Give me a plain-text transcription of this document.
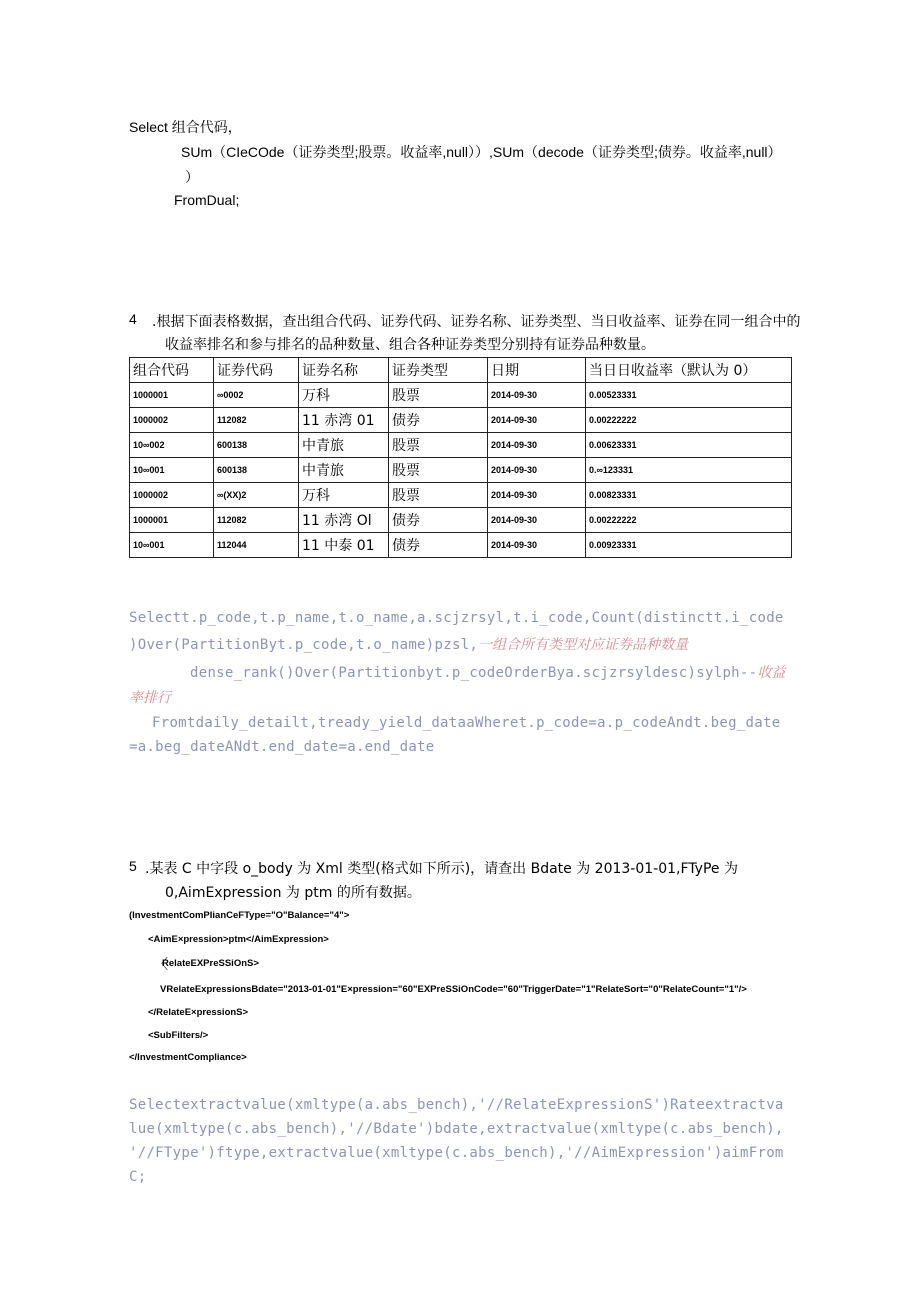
Select 组合代码，
SUm（CIeCOde（证券类型;股票。收益率,null））,SUm（decode（证券类型;债券。收益率,null）
）
FromDual;
4 .根据下面表格数据，查出组合代码、证券代码、证券名称、证券类型、当日收益率、证券在同一组合中的
收益率排名和参与排名的品种数量、组合各种证券类型分别持有证券品种数量。
组合代码	证券代码	证券名称	证券类型	日期	当日日收益率（默认为 0）
1000001	∞0002	万科	股票	2014-09-30	0.00523331
1000002	112082	11 赤湾 01	债券	2014-09-30	0.00222222
10∞002	600138	中青旅	股票	2014-09-30	0.00623331
10∞001	600138	中青旅	股票	2014-09-30	0.∞123331
1000002	∞(XX)2	万科	股票	2014-09-30	0.00823331
1000001	112082	11 赤湾 Ol	债券	2014-09-30	0.00222222
10∞001	112044	11 中泰 01	债券	2014-09-30	0.00923331
Selectt.p_code,t.p_name,t.o_name,a.scjzrsyl,t.i_code,Count(distinctt.i_code
)Over(PartitionByt.p_code,t.o_name)pzsl,一组合所有类型对应证券品种数量
dense_rank()Over(Partitionbyt.p_codeOrderBya.scjzrsyldesc)sylph--收益
率排行
Fromtdaily_detailt,tready_yield_dataaWheret.p_code=a.p_codeAndt.beg_date
=a.beg_dateANdt.end_date=a.end_date
5 .某表 C 中字段 o_body 为 Xml 类型(格式如下所示)，请查出 Bdate 为 2013-01-01,FTyPe 为
0,AimExpression 为 ptm 的所有数据。
(InvestmentComPIianCeFType="O"Balance="4">
<AimE×pression>ptm</AimExpression>
〈
RelateEXPreSSiOnS>
VRelateExpressionsBdate="2013-01-01"E×pression="60"EXPreSSiOnCode="60"TriggerDate="1"RelateSort="0"RelateCount="1"/>
</RelateE×pressionS>
<SubFilters/>
</InvestmentCompliance>
Selectextractvalue(xmltype(a.abs_bench),'//RelateExpressionS')Rateextractva
lue(xmltype(c.abs_bench),'//Bdate')bdate,extractvalue(xmltype(c.abs_bench),
'//FType')ftype,extractvalue(xmltype(c.abs_bench),'//AimExpression')aimFrom
C;
